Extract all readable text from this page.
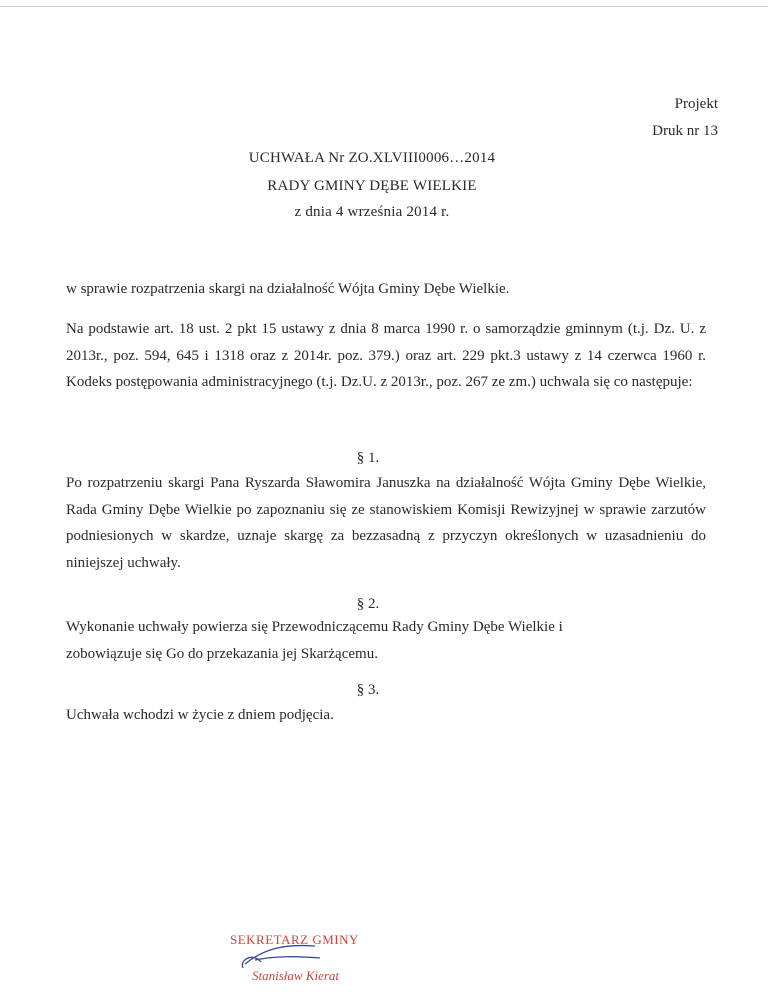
Projekt
Druk nr 13
UCHWAŁA Nr ZO.XLVIII0006…2014
RADY GMINY DĘBE WIELKIE
z dnia 4 września 2014 r.

w sprawie rozpatrzenia skargi na działalność Wójta Gminy Dębe Wielkie.

Na podstawie art. 18 ust. 2 pkt 15 ustawy z dnia 8 marca 1990 r. o samorządzie gminnym (t.j. Dz. U. z 2013r., poz. 594, 645 i 1318 oraz z 2014r. poz. 379.) oraz art. 229 pkt.3 ustawy z 14 czerwca 1960 r. Kodeks postępowania administracyjnego (t.j. Dz.U. z 2013r., poz. 267 ze zm.) uchwala się co następuje:

§ 1.

Po rozpatrzeniu skargi Pana Ryszarda Sławomira Januszka na działalność Wójta Gminy Dębe Wielkie, Rada Gminy Dębe Wielkie po zapoznaniu się ze stanowiskiem Komisji Rewizyjnej w sprawie zarzutów podniesionych w skardze, uznaje skargę za bezzasadną z przyczyn określonych w uzasadnieniu do niniejszej uchwały.

§ 2.

Wykonanie uchwały powierza się Przewodniczącemu Rady Gminy Dębe Wielkie i zobowiązuje się Go do przekazania jej Skarżącemu.

§ 3.

Uchwała wchodzi w życie z dniem podjęcia.

SEKRETARZ GMINY
Stanisław Kierat
